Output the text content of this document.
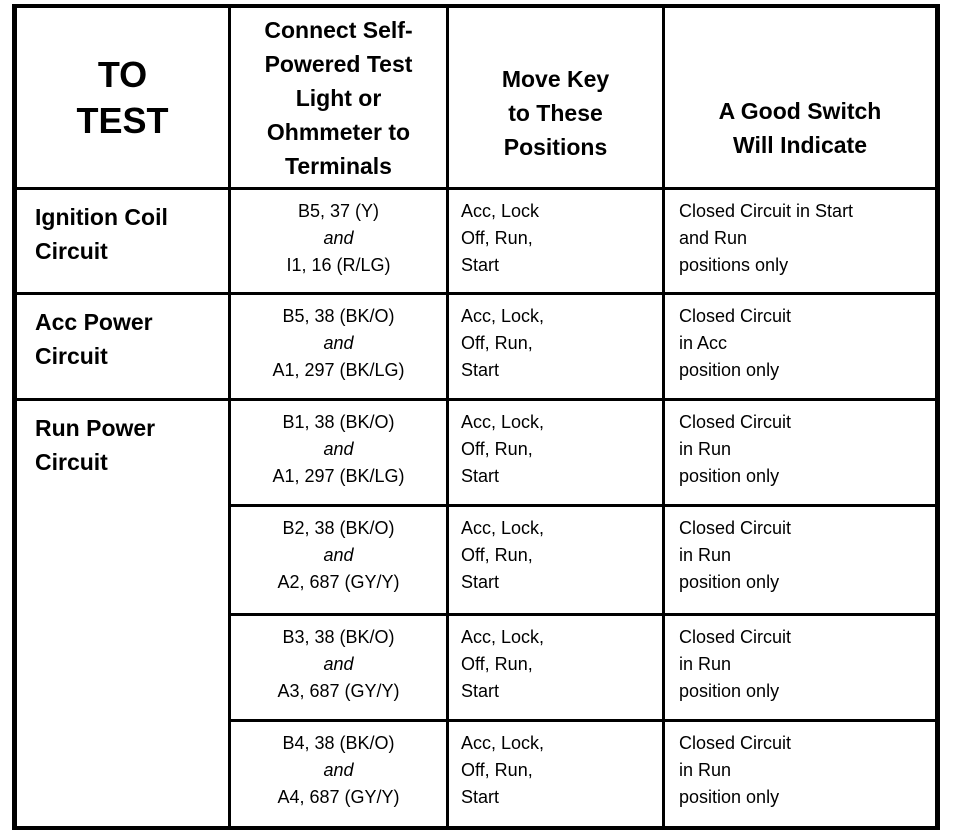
TO
TEST
Connect Self-
Powered Test
Light or
Ohmmeter to
Terminals
Move Key
to These
Positions
A Good Switch
Will Indicate
Ignition Coil
Circuit
Acc Power
Circuit
Run Power
Circuit
B5, 37 (Y)
and
I1, 16 (R/LG)
Acc, Lock
Off, Run,
Start
Closed Circuit in Start
and Run
positions only
B5, 38 (BK/O)
and
A1, 297 (BK/LG)
Acc, Lock,
Off, Run,
Start
Closed Circuit
in Acc
position only
B1, 38 (BK/O)
and
A1, 297 (BK/LG)
Acc, Lock,
Off, Run,
Start
Closed Circuit
in Run
position only
B2, 38 (BK/O)
and
A2, 687 (GY/Y)
Acc, Lock,
Off, Run,
Start
Closed Circuit
in Run
position only
B3, 38 (BK/O)
and
A3, 687 (GY/Y)
Acc, Lock,
Off, Run,
Start
Closed Circuit
in Run
position only
B4, 38 (BK/O)
and
A4, 687 (GY/Y)
Acc, Lock,
Off, Run,
Start
Closed Circuit
in Run
position only
